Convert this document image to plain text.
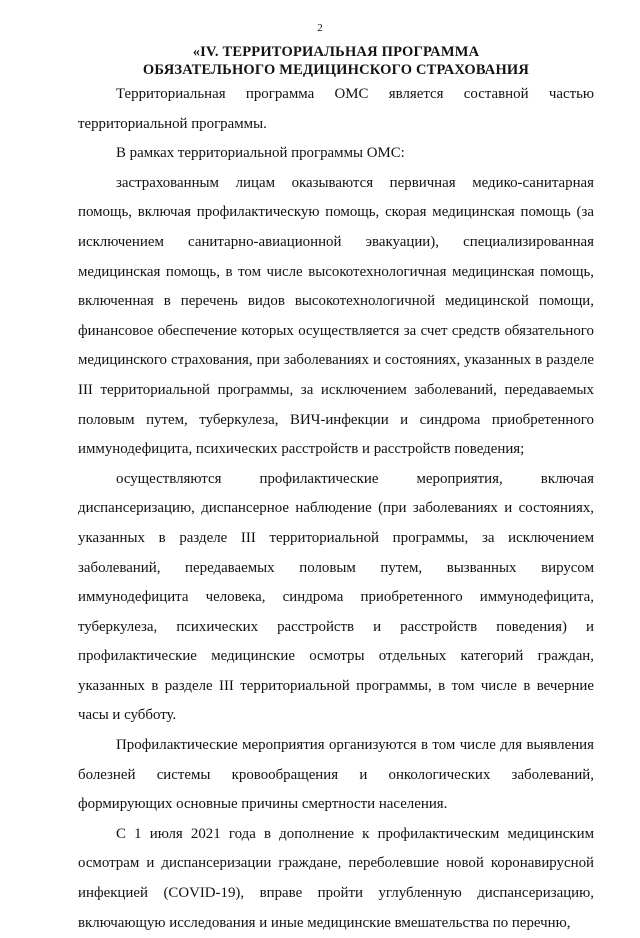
2
«IV. ТЕРРИТОРИАЛЬНАЯ ПРОГРАММА
ОБЯЗАТЕЛЬНОГО МЕДИЦИНСКОГО СТРАХОВАНИЯ

Территориальная программа ОМС является составной частью территориальной программы.

В рамках территориальной программы ОМС:

застрахованным лицам оказываются первичная медико-санитарная помощь, включая профилактическую помощь, скорая медицинская помощь (за исключением санитарно-авиационной эвакуации), специализированная медицинская помощь, в том числе высокотехнологичная медицинская помощь, включенная в перечень видов высокотехнологичной медицинской помощи, финансовое обеспечение которых осуществляется за счет средств обязательного медицинского страхования, при заболеваниях и состояниях, указанных в разделе III территориальной программы, за исключением заболеваний, передаваемых половым путем, туберкулеза, ВИЧ-инфекции и синдрома приобретенного иммунодефицита, психических расстройств и расстройств поведения;

осуществляются профилактические мероприятия, включая диспансеризацию, диспансерное наблюдение (при заболеваниях и состояниях, указанных в разделе III территориальной программы, за исключением заболеваний, передаваемых половым путем, вызванных вирусом иммунодефицита человека, синдрома приобретенного иммунодефицита, туберкулеза, психических расстройств и расстройств поведения) и профилактические медицинские осмотры отдельных категорий граждан, указанных в разделе III территориальной программы, в том числе в вечерние часы и субботу.

Профилактические мероприятия организуются в том числе для выявления болезней системы кровообращения и онкологических заболеваний, формирующих основные причины смертности населения.

С 1 июля 2021 года в дополнение к профилактическим медицинским осмотрам и диспансеризации граждане, переболевшие новой коронавирусной инфекцией (COVID-19), вправе пройти углубленную диспансеризацию, включающую исследования и иные медицинские вмешательства по перечню,
